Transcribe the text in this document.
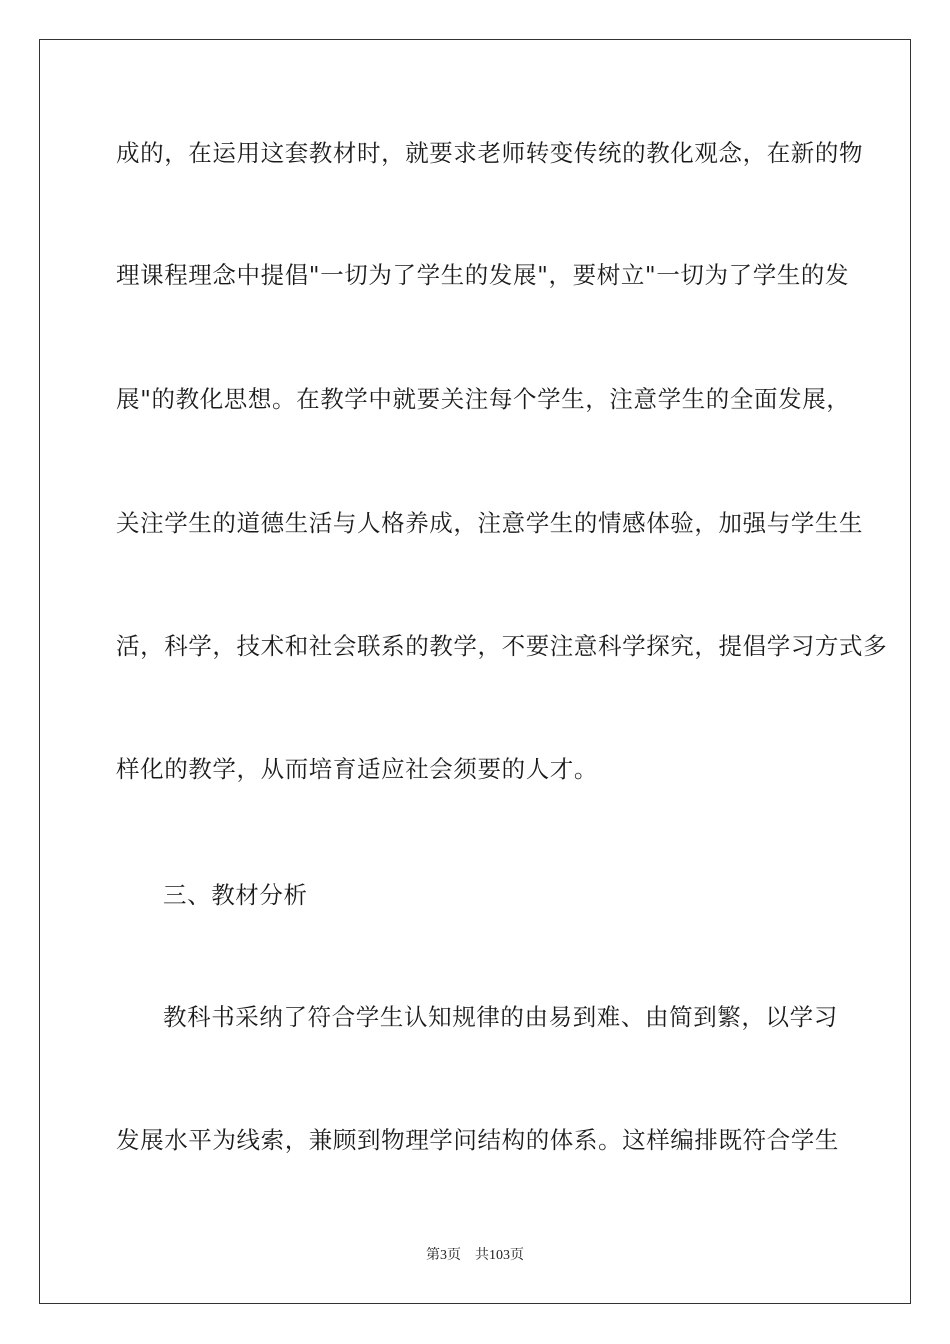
成的，在运用这套教材时，就要求老师转变传统的教化观念，在新的物
理课程理念中提倡"一切为了学生的发展"，要树立"一切为了学生的发
展"的教化思想。在教学中就要关注每个学生，注意学生的全面发展，
关注学生的道德生活与人格养成，注意学生的情感体验，加强与学生生
活，科学，技术和社会联系的教学，不要注意科学探究，提倡学习方式多
样化的教学，从而培育适应社会须要的人才。
三、教材分析
教科书采纳了符合学生认知规律的由易到难、由简到繁，以学习
发展水平为线索，兼顾到物理学问结构的体系。这样编排既符合学生
第3页 共103页
